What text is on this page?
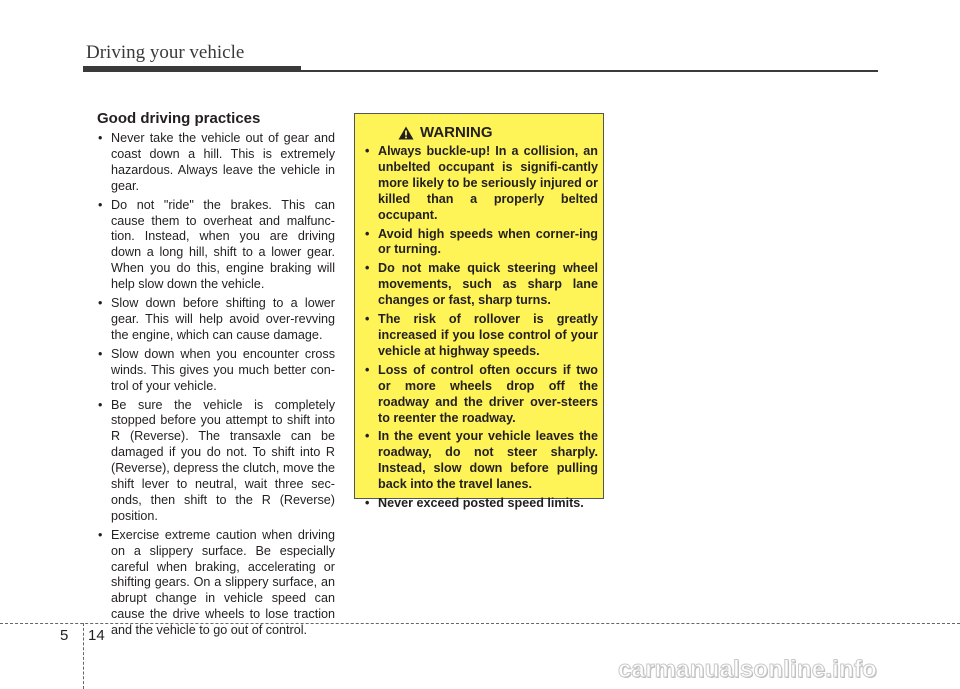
Driving your vehicle
Good driving practices
• Never take the vehicle out of gear and coast down a hill. This is extremely hazardous. Always leave the vehicle in gear.
• Do not "ride" the brakes. This can cause them to overheat and malfunc-tion. Instead, when you are driving down a long hill, shift to a lower gear. When you do this, engine braking will help slow down the vehicle.
• Slow down before shifting to a lower gear. This will help avoid over-revving the engine, which can cause damage.
• Slow down when you encounter cross winds. This gives you much better con-trol of your vehicle.
• Be sure the vehicle is completely stopped before you attempt to shift into R (Reverse). The transaxle can be damaged if you do not. To shift into R (Reverse), depress the clutch, move the shift lever to neutral, wait three sec-onds, then shift to the R (Reverse) position.
• Exercise extreme caution when driving on a slippery surface. Be especially careful when braking, accelerating or shifting gears. On a slippery surface, an abrupt change in vehicle speed can cause the drive wheels to lose traction and the vehicle to go out of control.
WARNING
• Always buckle-up! In a collision, an unbelted occupant is signifi-cantly more likely to be seriously injured or killed than a properly belted occupant.
• Avoid high speeds when corner-ing or turning.
• Do not make quick steering wheel movements, such as sharp lane changes or fast, sharp turns.
• The risk of rollover is greatly increased if you lose control of your vehicle at highway speeds.
• Loss of control often occurs if two or more wheels drop off the roadway and the driver over-steers to reenter the roadway.
• In the event your vehicle leaves the roadway, do not steer sharply. Instead, slow down before pulling back into the travel lanes.
• Never exceed posted speed limits.
5 14
carmanualsonline.info
